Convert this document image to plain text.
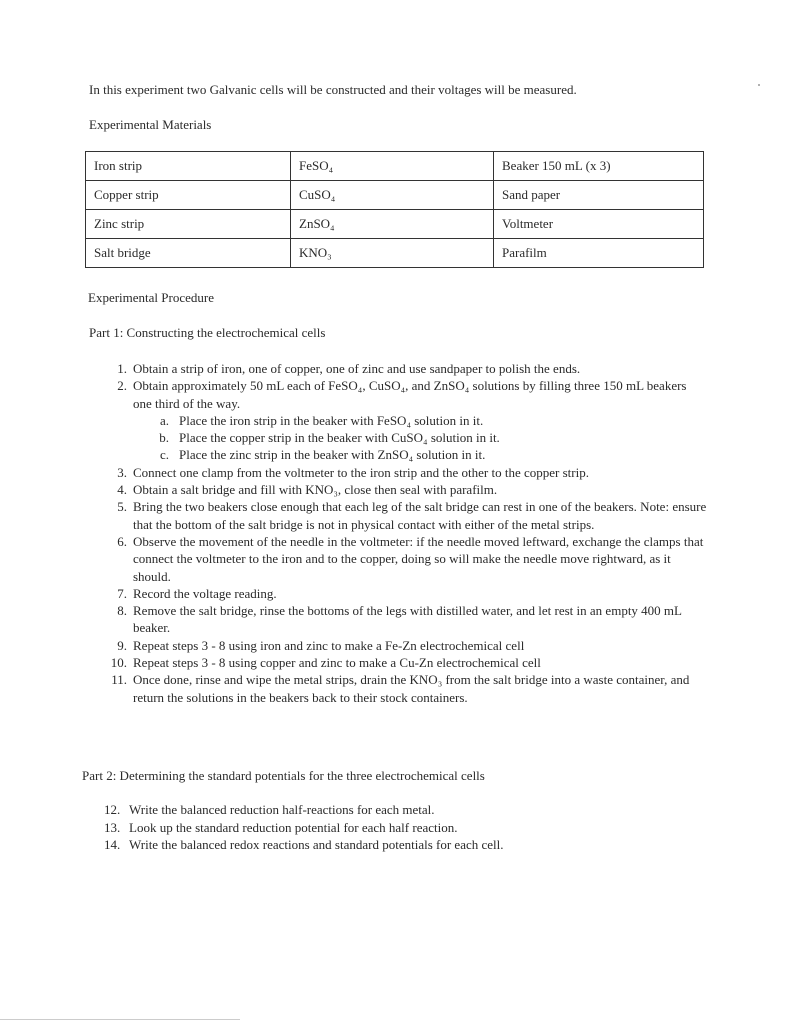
In this experiment two Galvanic cells will be constructed and their voltages will be measured.
Experimental Materials
Iron strip	FeSO₄	Beaker 150 mL (x 3)
Copper strip	CuSO₄	Sand paper
Zinc strip	ZnSO₄	Voltmeter
Salt bridge	KNO₃	Parafilm
Experimental Procedure
Part 1: Constructing the electrochemical cells
1. Obtain a strip of iron, one of copper, one of zinc and use sandpaper to polish the ends.
2. Obtain approximately 50 mL each of FeSO₄, CuSO₄, and ZnSO₄ solutions by filling three 150 mL beakers one third of the way.
a. Place the iron strip in the beaker with FeSO₄ solution in it.
b. Place the copper strip in the beaker with CuSO₄ solution in it.
c. Place the zinc strip in the beaker with ZnSO₄ solution in it.
3. Connect one clamp from the voltmeter to the iron strip and the other to the copper strip.
4. Obtain a salt bridge and fill with KNO₃, close then seal with parafilm.
5. Bring the two beakers close enough that each leg of the salt bridge can rest in one of the beakers. Note: ensure that the bottom of the salt bridge is not in physical contact with either of the metal strips.
6. Observe the movement of the needle in the voltmeter: if the needle moved leftward, exchange the clamps that connect the voltmeter to the iron and to the copper, doing so will make the needle move rightward, as it should.
7. Record the voltage reading.
8. Remove the salt bridge, rinse the bottoms of the legs with distilled water, and let rest in an empty 400 mL beaker.
9. Repeat steps 3 - 8 using iron and zinc to make a Fe-Zn electrochemical cell
10. Repeat steps 3 - 8 using copper and zinc to make a Cu-Zn electrochemical cell
11. Once done, rinse and wipe the metal strips, drain the KNO₃ from the salt bridge into a waste container, and return the solutions in the beakers back to their stock containers.
Part 2: Determining the standard potentials for the three electrochemical cells
12. Write the balanced reduction half-reactions for each metal.
13. Look up the standard reduction potential for each half reaction.
14. Write the balanced redox reactions and standard potentials for each cell.
